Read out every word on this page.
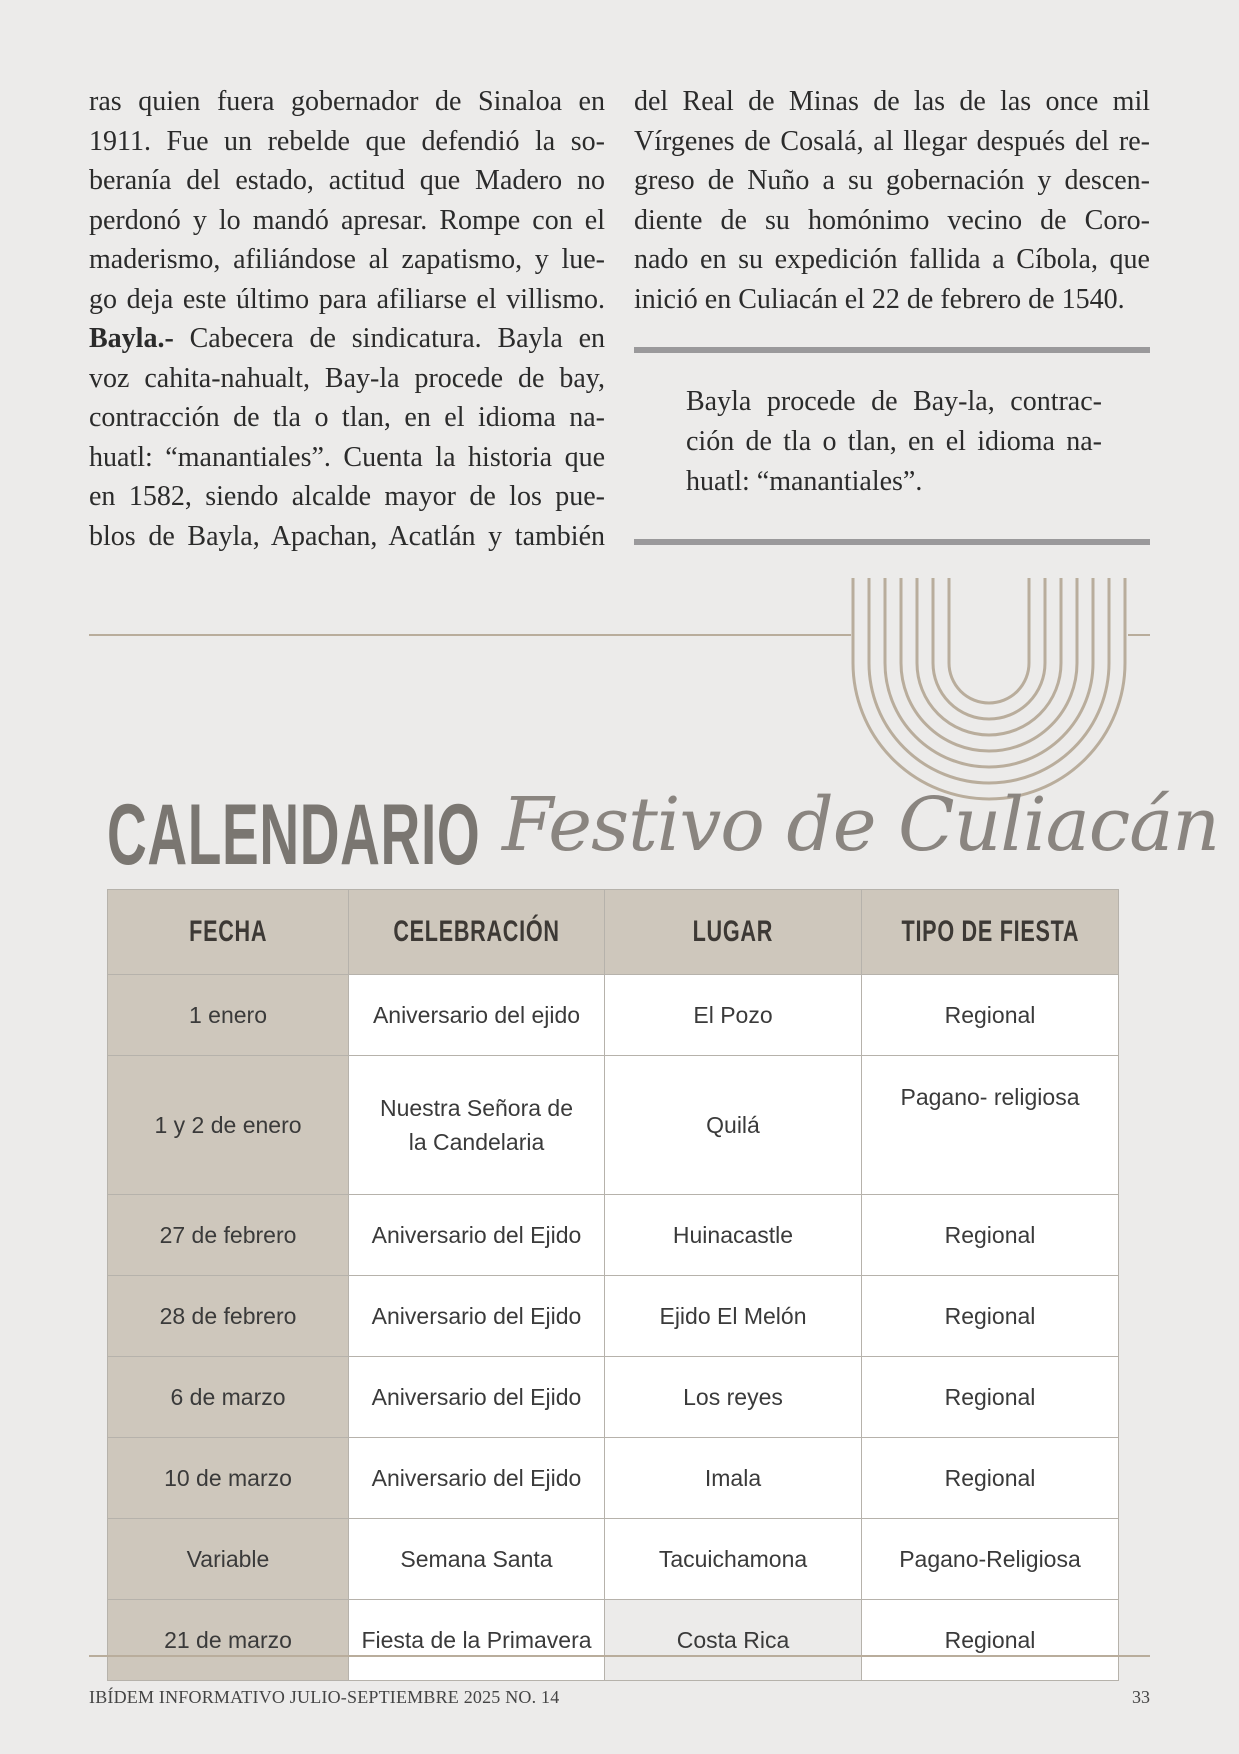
ras quien fuera gobernador de Sinaloa en

1911. Fue un rebelde que defendió la so-

beranía del estado, actitud que Madero no

perdonó y lo mandó apresar. Rompe con el

maderismo, afiliándose al zapatismo, y lue-

go deja este último para afiliarse el villismo.

Bayla.- Cabecera de sindicatura. Bayla en

voz cahita-nahualt, Bay-la procede de bay,

contracción de tla o tlan, en el idioma na-

huatl: “manantiales”. Cuenta la historia que

en 1582, siendo alcalde mayor de los pue-

blos de Bayla, Apachan, Acatlán y también

del Real de Minas de las de las once mil

Vírgenes de Cosalá, al llegar después del re-

greso de Nuño a su gobernación y descen-

diente de su homónimo vecino de Coro-

nado en su expedición fallida a Cíbola, que

inició en Culiacán el 22 de febrero de 1540.

Bayla procede de Bay-la, contrac-
ción de tla o tlan, en el idioma na-
huatl: “manantiales”.

CALENDARIO Festivo de Culiacán
FECHA	CELEBRACIÓN	LUGAR	TIPO DE FIESTA
1 enero	Aniversario del ejido	El Pozo	Regional
1 y 2 de enero	Nuestra Señora de la Candelaria	Quilá	Pagano- religiosa
27 de febrero	Aniversario del Ejido	Huinacastle	Regional
28 de febrero	Aniversario del Ejido	Ejido El Melón	Regional
6 de marzo	Aniversario del Ejido	Los reyes	Regional
10 de marzo	Aniversario del Ejido	Imala	Regional
Variable	Semana Santa	Tacuichamona	Pagano-Religiosa
21 de marzo	Fiesta de la Primavera	Costa Rica	Regional
IBÍDEM INFORMATIVO JULIO-SEPTIEMBRE 2025 NO. 14	33
